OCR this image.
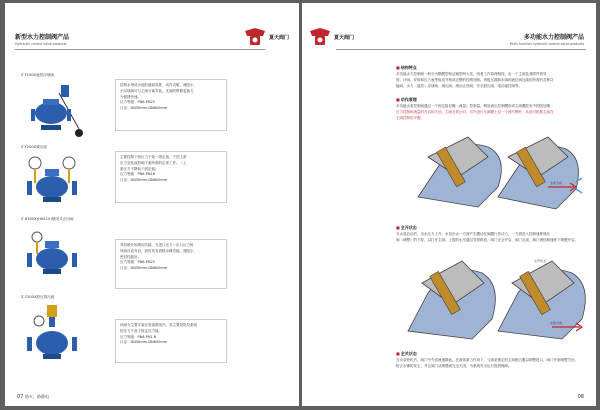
新型水力控制阀产品
Hydraulic control valve products
夏天阀门
Z F100X遥控浮球阀
控制水塔或水池的液面高度，动作灵敏，流阻小，
小浮球阀可与主阀分离安装，支阀的维修更换尤
为便捷快速。
压力等级：PN6-PN25
口径：DN50mm-DN600mm
Z Y200X减压阀
主要控制下游压力于某一固定值，不因上游
压力变化而影响下游所需的正常工作。（上
游压力不降低于固定值）
压力等级：PN6-PN16
口径：DN50mm-DN600mm
Z H300X(HH41X)缓闭式止回阀
具有缓开和缓闭功能，当进口压力＞出口压力时
该阀自动开启，而时其有消除水锤功能，流阻小，
密封性能好。
压力等级：PN6-PN25
口径：DN50mm-DN600mm
Z C500X泄压排污阀
该阀为主要安装在管道系统内，其主要是防控系统
的压力不高于规定压力值。
压力等级：PN6-PN1.6
口径：DN50mm-DN600mm
07 防火，防静电
夏天阀门	多功能水力控制阀产品
Multi-function hydraulic control valve products
■结构特点
多功能水力控制阀一般分为隔膜型和活塞型两大类，两者工作原理相同，由一个主阀及其附件管导
管、针阀、导管和压力表等组成并构成完整的控制回路。该板压端和水阀的液位阀连续的所需的各种功
能阀，水力（遥控）浮球阀、减压阀、缓闭止回阀、安全泄压阀、电动遥控阀等。
■动作原理
多功能水泵控制阀通过一个固定阻尼嘴（流量）控制量，利用液压控制膜形或主阀膜腔室中的阻尼嘴
压力控制和流量的开启和关闭，主阀当停止时，另外进行压阀膜上变一个速节螺杆，从而可根据主阀在
主阀控制的平衡。
水流方向
■全开状态
当水泵启动后，出水压力上升，水泵出水一方面产生膜动在阀膜行作动力，一方面进入控制速度调压
阀（调整）的下腔，以打开主阀；上腔的水压通过导管排放，阀门完全开启，阀门完成，阀门流经制速度下缓慢开启。
水流方向
全开状态
■全关状态
当水泵停机后，阀门中介质流速降低，在液体重力作用下，与阀室锁定的主阀配合膜以调整进口，阀门开始缓慢关闭，
防止水锤的发生，并且阀门从缓慢到完全关闭，为系统安全运行提供保障。
08
